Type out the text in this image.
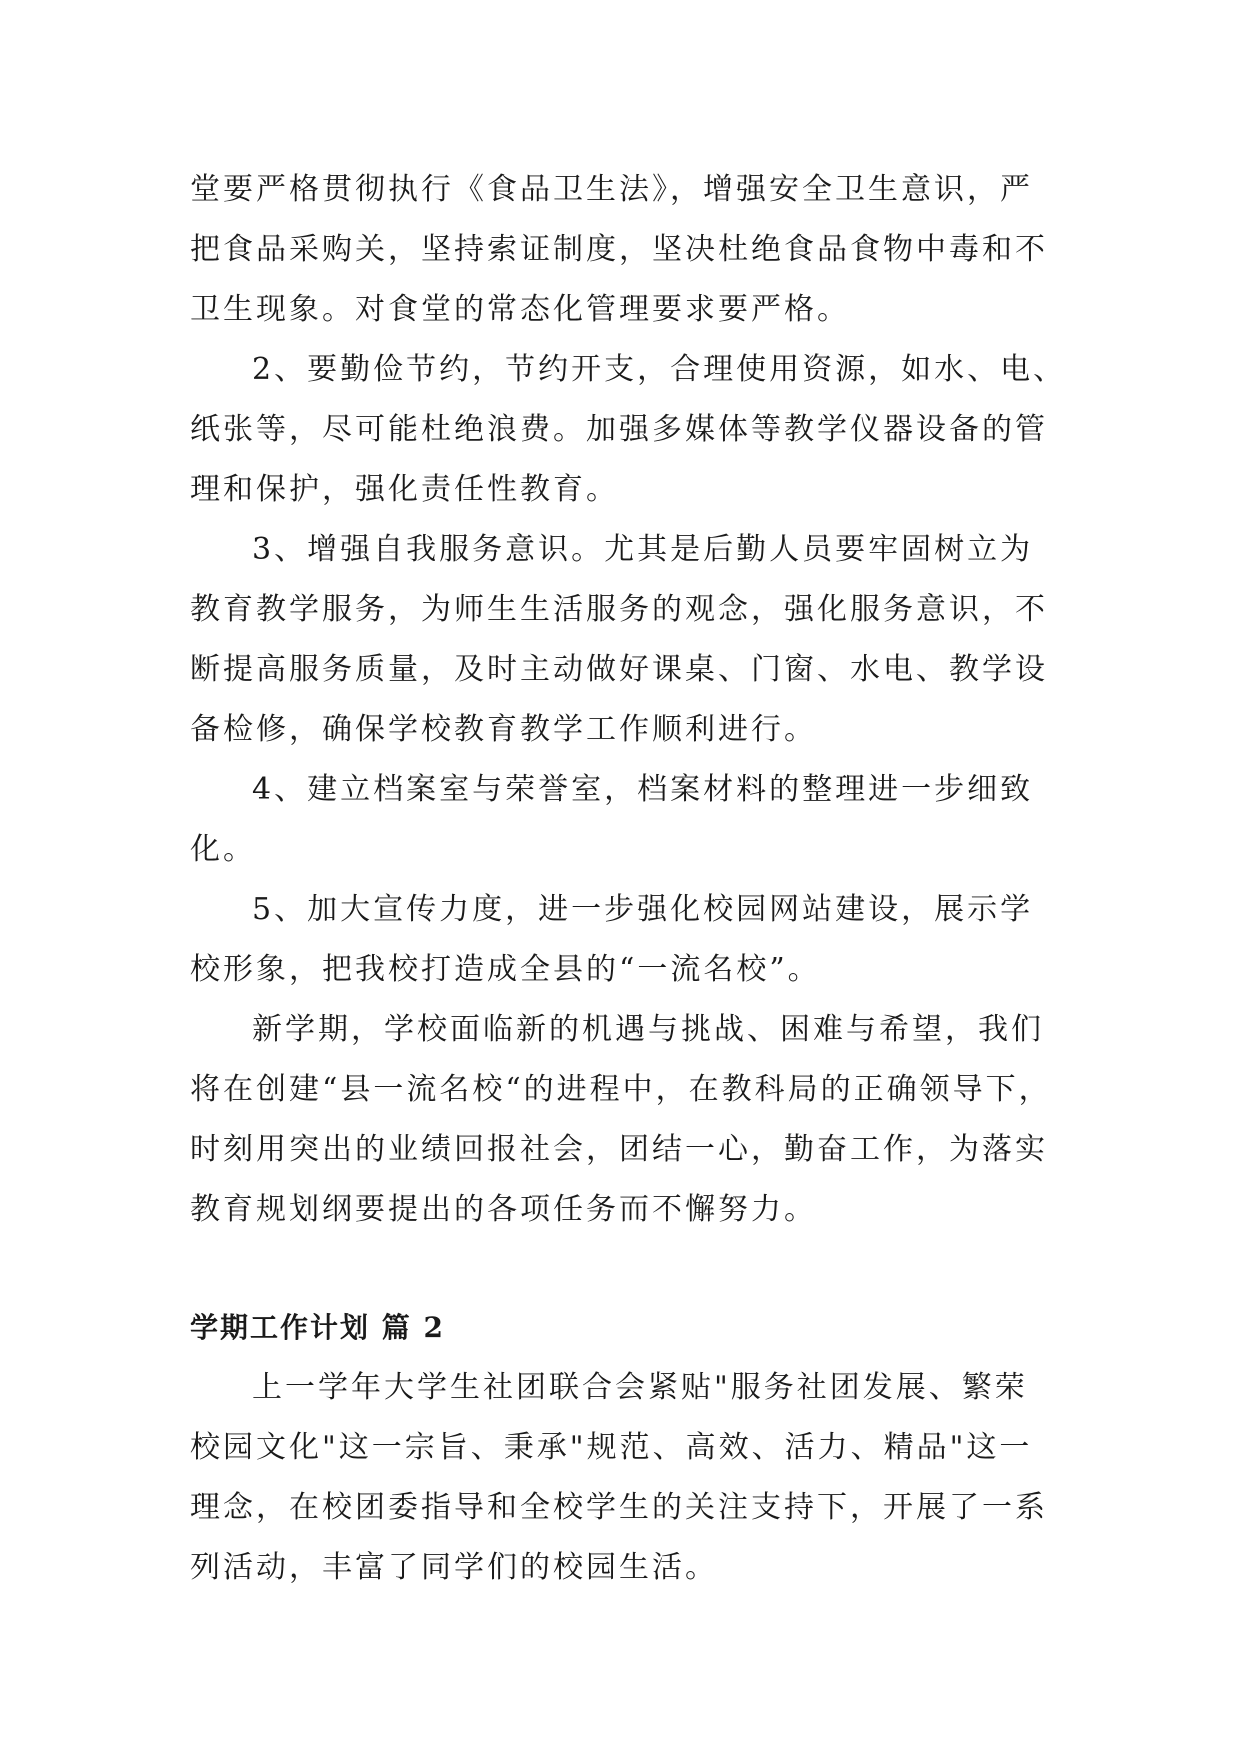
堂要严格贯彻执行《食品卫生法》，增强安全卫生意识，严
把食品采购关，坚持索证制度，坚决杜绝食品食物中毒和不
卫生现象。对食堂的常态化管理要求要严格。

2、要勤俭节约，节约开支，合理使用资源，如水、电、
纸张等，尽可能杜绝浪费。加强多媒体等教学仪器设备的管
理和保护，强化责任性教育。

3、增强自我服务意识。尤其是后勤人员要牢固树立为
教育教学服务，为师生生活服务的观念，强化服务意识，不
断提高服务质量，及时主动做好课桌、门窗、水电、教学设
备检修，确保学校教育教学工作顺利进行。

4、建立档案室与荣誉室，档案材料的整理进一步细致
化。

5、加大宣传力度，进一步强化校园网站建设，展示学
校形象，把我校打造成全县的“一流名校”。

新学期，学校面临新的机遇与挑战、困难与希望，我们
将在创建“县一流名校“的进程中，在教科局的正确领导下，
时刻用突出的业绩回报社会，团结一心，勤奋工作，为落实
教育规划纲要提出的各项任务而不懈努力。

学期工作计划 篇 2

上一学年大学生社团联合会紧贴"服务社团发展、繁荣
校园文化"这一宗旨、秉承"规范、高效、活力、精品"这一
理念，在校团委指导和全校学生的关注支持下，开展了一系
列活动，丰富了同学们的校园生活。
